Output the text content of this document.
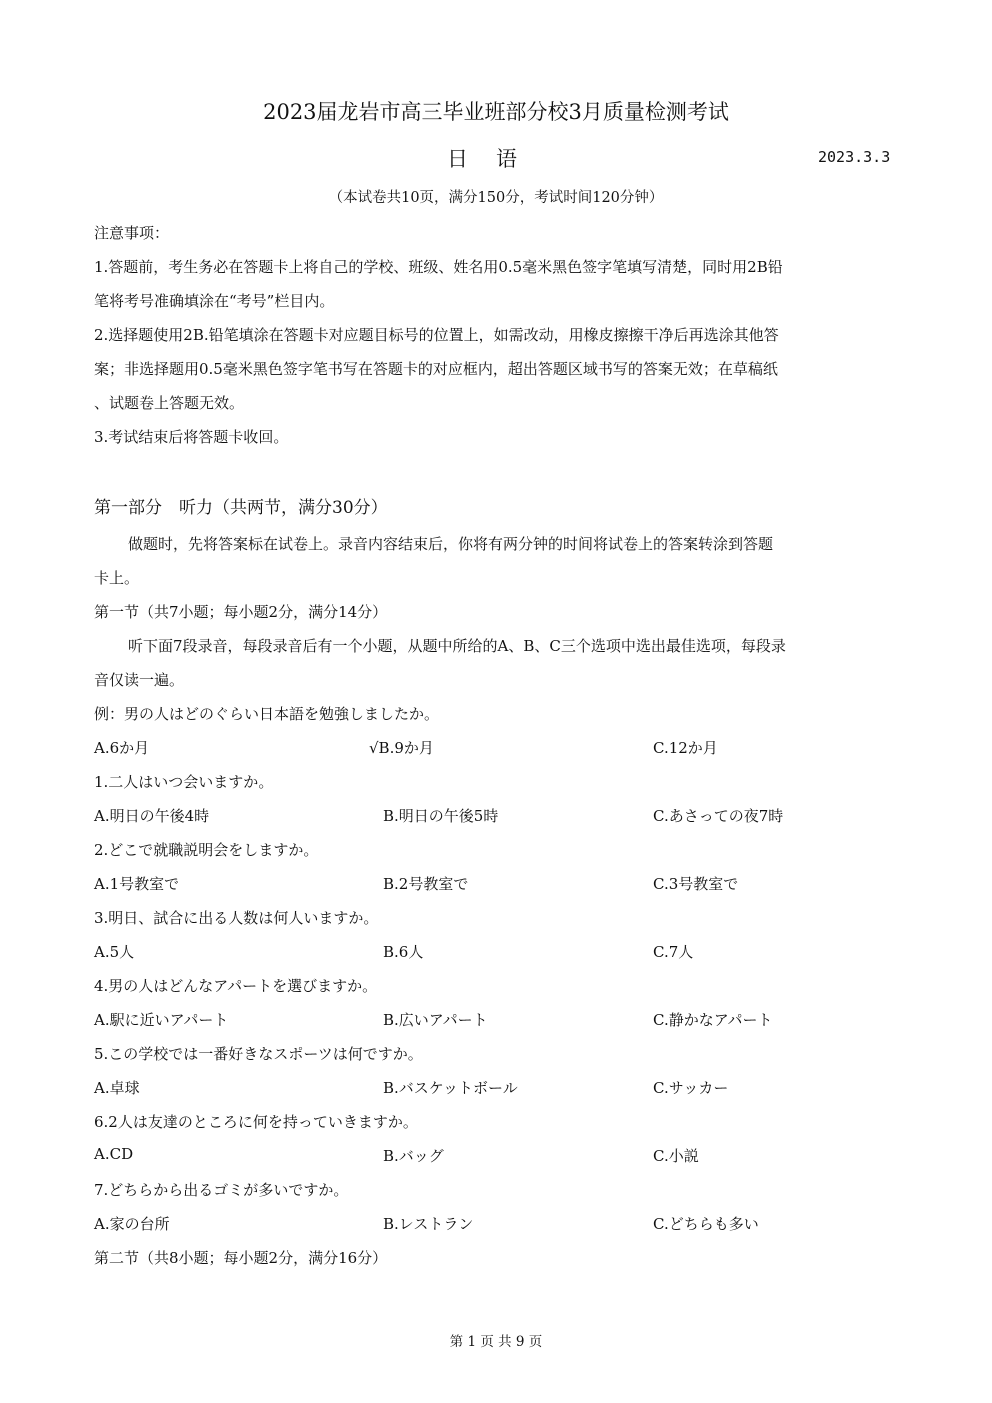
2023届龙岩市高三毕业班部分校3月质量检测考试
日语	2023.3.3
（本试卷共10页，满分150分，考试时间120分钟）
注意事项：
1.答题前，考生务必在答题卡上将自己的学校、班级、姓名用0.5毫米黑色签字笔填写清楚，同时用2B铅
笔将考号准确填涂在“考号”栏目内。
2.选择题使用2B.铅笔填涂在答题卡对应题目标号的位置上，如需改动，用橡皮擦擦干净后再选涂其他答
案；非选择题用0.5毫米黑色签字笔书写在答题卡的对应框内，超出答题区域书写的答案无效；在草稿纸
、试题卷上答题无效。
3.考试结束后将答题卡收回。
第一部分　听力（共两节，满分30分）
做题时，先将答案标在试卷上。录音内容结束后，你将有两分钟的时间将试卷上的答案转涂到答题
卡上。
第一节（共7小题；每小题2分，满分14分）
听下面7段录音，每段录音后有一个小题，从题中所给的A、B、C三个选项中选出最佳选项，每段录
音仅读一遍。
例：男の人はどのぐらい日本語を勉強しましたか。
A.6か月	√B.9か月	C.12か月
1.二人はいつ会いますか。
A.明日の午後4時	B.明日の午後5時	C.あさっての夜7時
2.どこで就職説明会をしますか。
A.1号教室で	B.2号教室で	C.3号教室で
3.明日、試合に出る人数は何人いますか。
A.5人	B.6人	C.7人
4.男の人はどんなアパートを選びますか。
A.駅に近いアパート	B.広いアパート	C.静かなアパート
5.この学校では一番好きなスポーツは何ですか。
A.卓球	B.バスケットボール	C.サッカー
6.2人は友達のところに何を持っていきますか。
A.CD	B.バッグ	C.小説
7.どちらから出るゴミが多いですか。
A.家の台所	B.レストラン	C.どちらも多い
第二节（共8小题；每小题2分，满分16分）
第 1 页 共 9 页
